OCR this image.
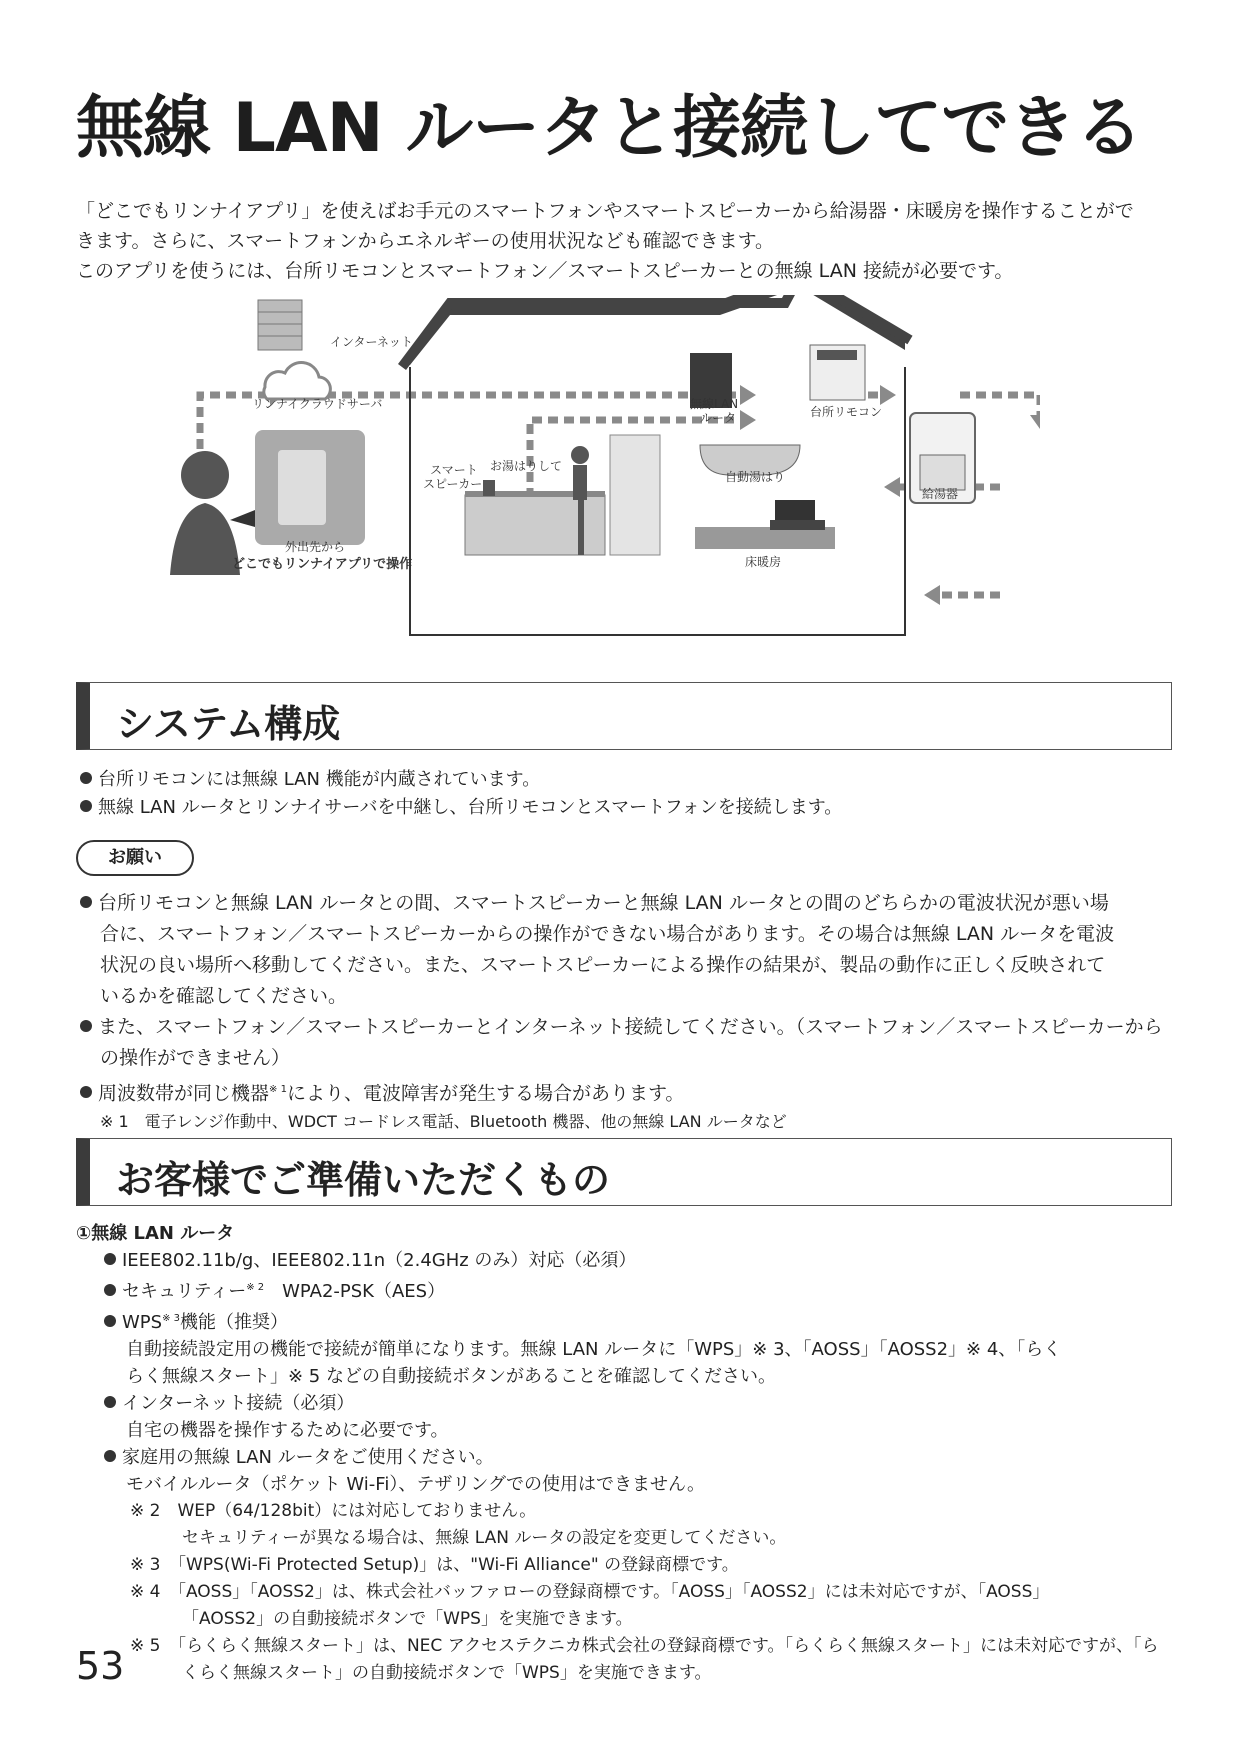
無線 LAN ルータと接続してできる
「どこでもリンナイアプリ」を使えばお手元のスマートフォンやスマートスピーカーから給湯器・床暖房を操作することがで
きます。さらに、スマートフォンからエネルギーの使用状況なども確認できます。
このアプリを使うには、台所リモコンとスマートフォン／スマートスピーカーとの無線 LAN 接続が必要です。
インターネット
リンナイクラウドサーバ	無線LAN
ルータ	台所リモコン
給湯器
自動湯はり
床暖房
スマート
スピーカー
お湯はりして
外出先から
どこでもリンナイアプリで操作
システム構成
台所リモコンには無線 LAN 機能が内蔵されています。
無線 LAN ルータとリンナイサーバを中継し、台所リモコンとスマートフォンを接続します。
お願い
台所リモコンと無線 LAN ルータとの間、スマートスピーカーと無線 LAN ルータとの間のどちらかの電波状況が悪い場
合に、スマートフォン／スマートスピーカーからの操作ができない場合があります。その場合は無線 LAN ルータを電波
状況の良い場所へ移動してください。また、スマートスピーカーによる操作の結果が、製品の動作に正しく反映されて
いるかを確認してください。
また、スマートフォン／スマートスピーカーとインターネット接続してください。（スマートフォン／スマートスピーカーから
の操作ができません）
周波数帯が同じ機器$^{※ 1}$により、電波障害が発生する場合があります。
※ 1　電子レンジ作動中、WDCT コードレス電話、Bluetooth 機器、他の無線 LAN ルータなど
お客様でご準備いただくもの
①無線 LAN ルータ
IEEE802.11b/g、IEEE802.11n（2.4GHz のみ）対応（必須）
セキュリティー$^{※ 2}$　WPA2-PSK（AES）
WPS$^{※ 3}$機能（推奨）
自動接続設定用の機能で接続が簡単になります。無線 LAN ルータに「WPS」※ 3、「AOSS」「AOSS2」※ 4、「らく
らく無線スタート」※ 5 などの自動接続ボタンがあることを確認してください。
インターネット接続（必須）
自宅の機器を操作するために必要です。
家庭用の無線 LAN ルータをご使用ください。
モバイルルータ（ポケット Wi-Fi）、テザリングでの使用はできません。
※ 2　WEP（64/128bit）には対応しておりません。
セキュリティーが異なる場合は、無線 LAN ルータの設定を変更してください。
※ 3　「WPS(Wi-Fi Protected Setup)」は、"Wi-Fi Alliance" の登録商標です。
※ 4　「AOSS」「AOSS2」は、株式会社バッファローの登録商標です。「AOSS」「AOSS2」には未対応ですが、「AOSS」
「AOSS2」の自動接続ボタンで「WPS」を実施できます。
※ 5　「らくらく無線スタート」は、NEC アクセステクニカ株式会社の登録商標です。「らくらく無線スタート」には未対応ですが、「ら
くらく無線スタート」の自動接続ボタンで「WPS」を実施できます。
53
